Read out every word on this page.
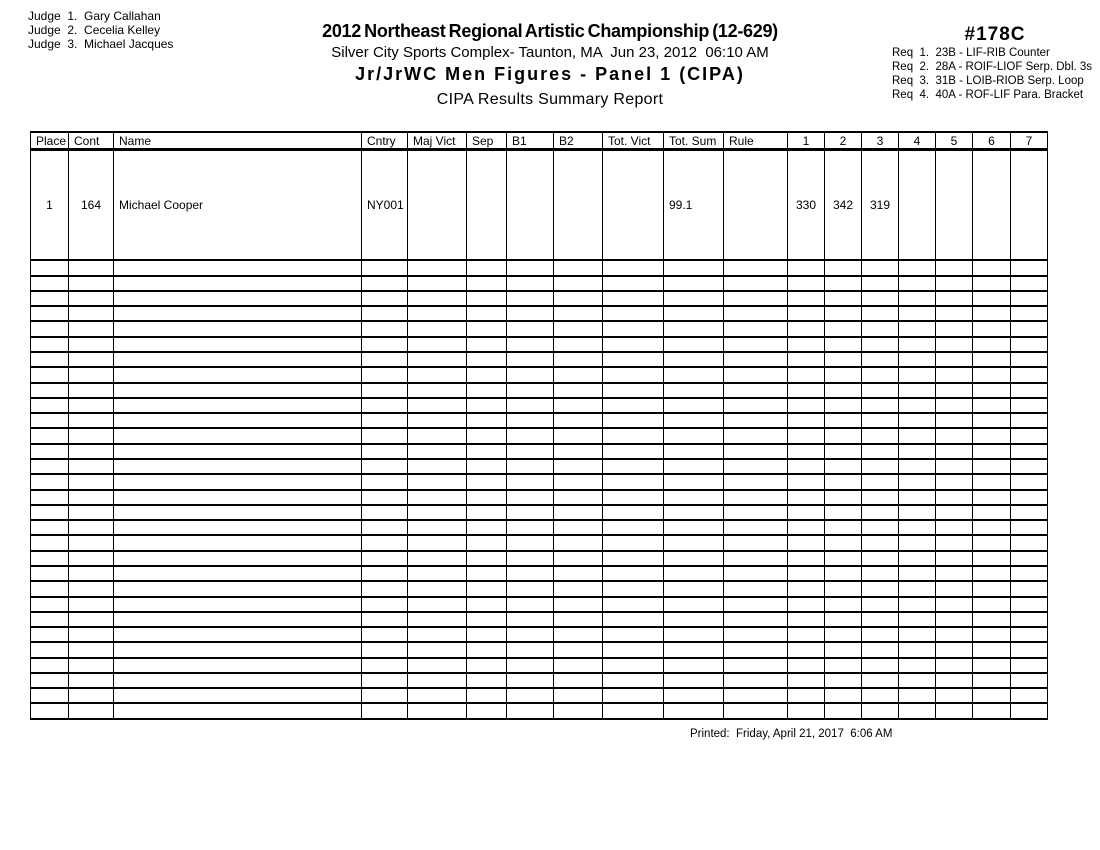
Judge  1.  Gary Callahan
Judge  2.  Cecelia Kelley
Judge  3.  Michael Jacques
2012 Northeast Regional Artistic Championship (12-629)
Silver City Sports Complex- Taunton, MA  Jun 23, 2012  06:10 AM
Jr/JrWC Men Figures - Panel 1 (CIPA)
CIPA Results Summary Report
#178C
Req  1.  23B - LIF-RIB Counter
Req  2.  28A - ROIF-LIOF Serp. Dbl. 3s
Req  3.  31B - LOIB-RIOB Serp. Loop
Req  4.  40A - ROF-LIF Para. Bracket
Place	Cont	Name	Cntry	Maj Vict	Sep	B1	B2	Tot. Vict	Tot. Sum	Rule	1	2	3	4	5	6	7
1	164	Michael Cooper	NY001						99.1		330	342	319				

Printed:  Friday, April 21, 2017  6:06 AM
